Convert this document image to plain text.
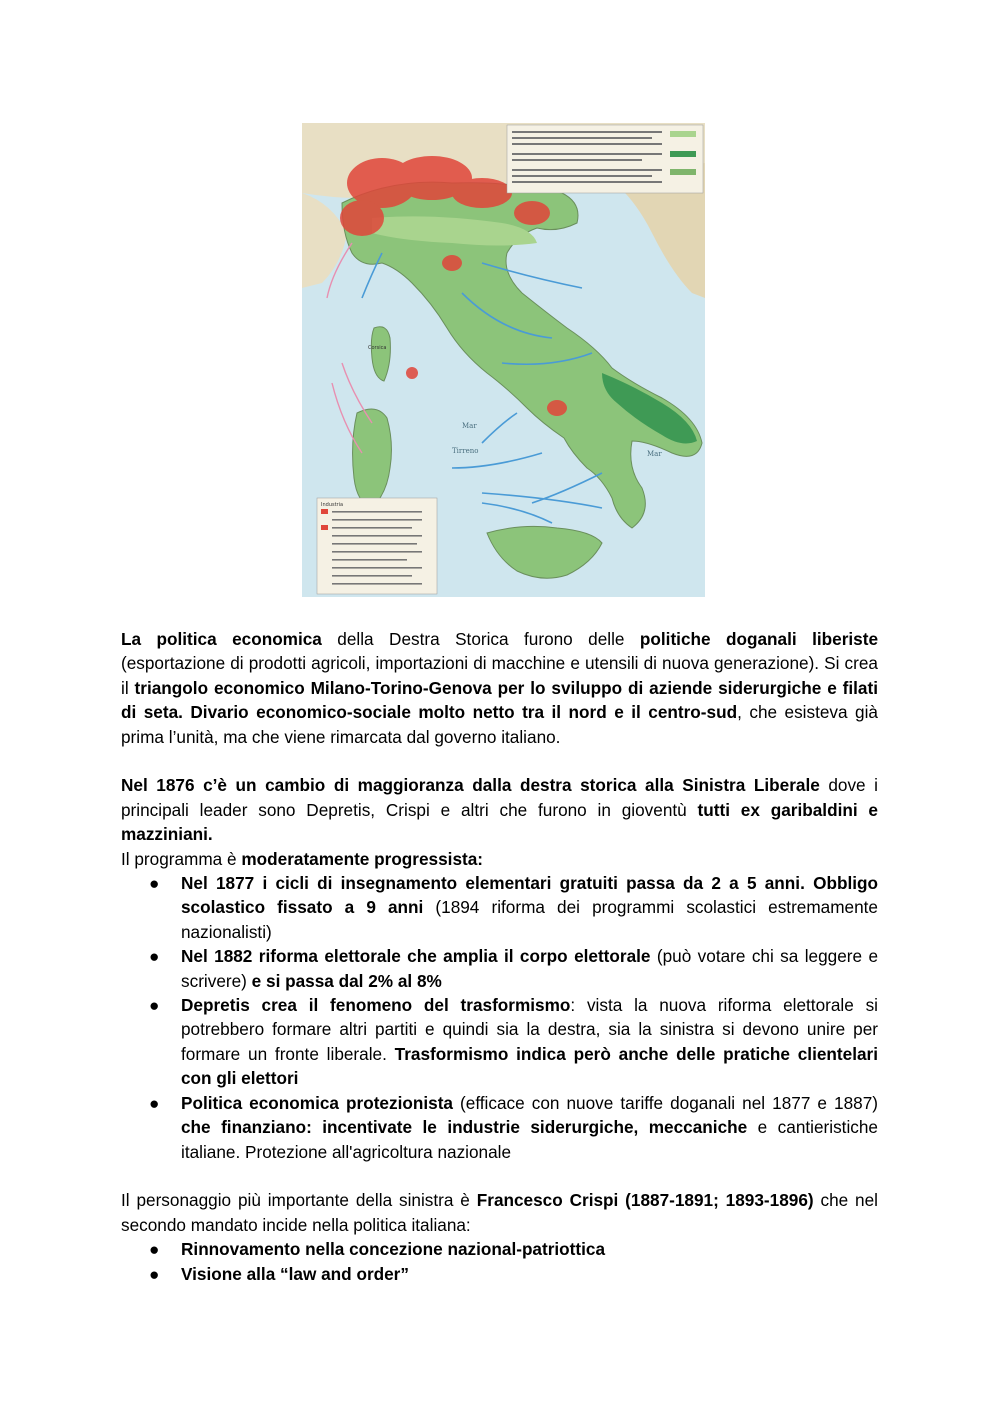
Mar
Tirreno	Mar
Corsica
Industria

La politica economica della Destra Storica furono delle politiche doganali liberiste (esportazione di prodotti agricoli, importazioni di macchine e utensili di nuova generazione). Si crea il triangolo economico Milano-Torino-Genova per lo sviluppo di aziende siderurgiche e filati di seta. Divario economico-sociale molto netto tra il nord e il centro-sud, che esisteva già prima l’unità, ma che viene rimarcata dal governo italiano.

Nel 1876 c’è un cambio di maggioranza dalla destra storica alla Sinistra Liberale dove i principali leader sono Depretis, Crispi e altri che furono in gioventù tutti ex garibaldini e mazziniani.

Il programma è moderatamente progressista:

● Nel 1877 i cicli di insegnamento elementari gratuiti passa da 2 a 5 anni. Obbligo scolastico fissato a 9 anni (1894 riforma dei programmi scolastici estremamente nazionalisti)
● Nel 1882 riforma elettorale che amplia il corpo elettorale (può votare chi sa leggere e scrivere) e si passa dal 2% al 8%
● Depretis crea il fenomeno del trasformismo: vista la nuova riforma elettorale si potrebbero formare altri partiti e quindi sia la destra, sia la sinistra si devono unire per formare un fronte liberale. Trasformismo indica però anche delle pratiche clientelari con gli elettori
● Politica economica protezionista (efficace con nuove tariffe doganali nel 1877 e 1887) che finanziano: incentivate le industrie siderurgiche, meccaniche e cantieristiche italiane. Protezione all'agricoltura nazionale

Il personaggio più importante della sinistra è Francesco Crispi (1887-1891; 1893-1896) che nel secondo mandato incide nella politica italiana:

● Rinnovamento nella concezione nazional-patriottica
● Visione alla “law and order”
